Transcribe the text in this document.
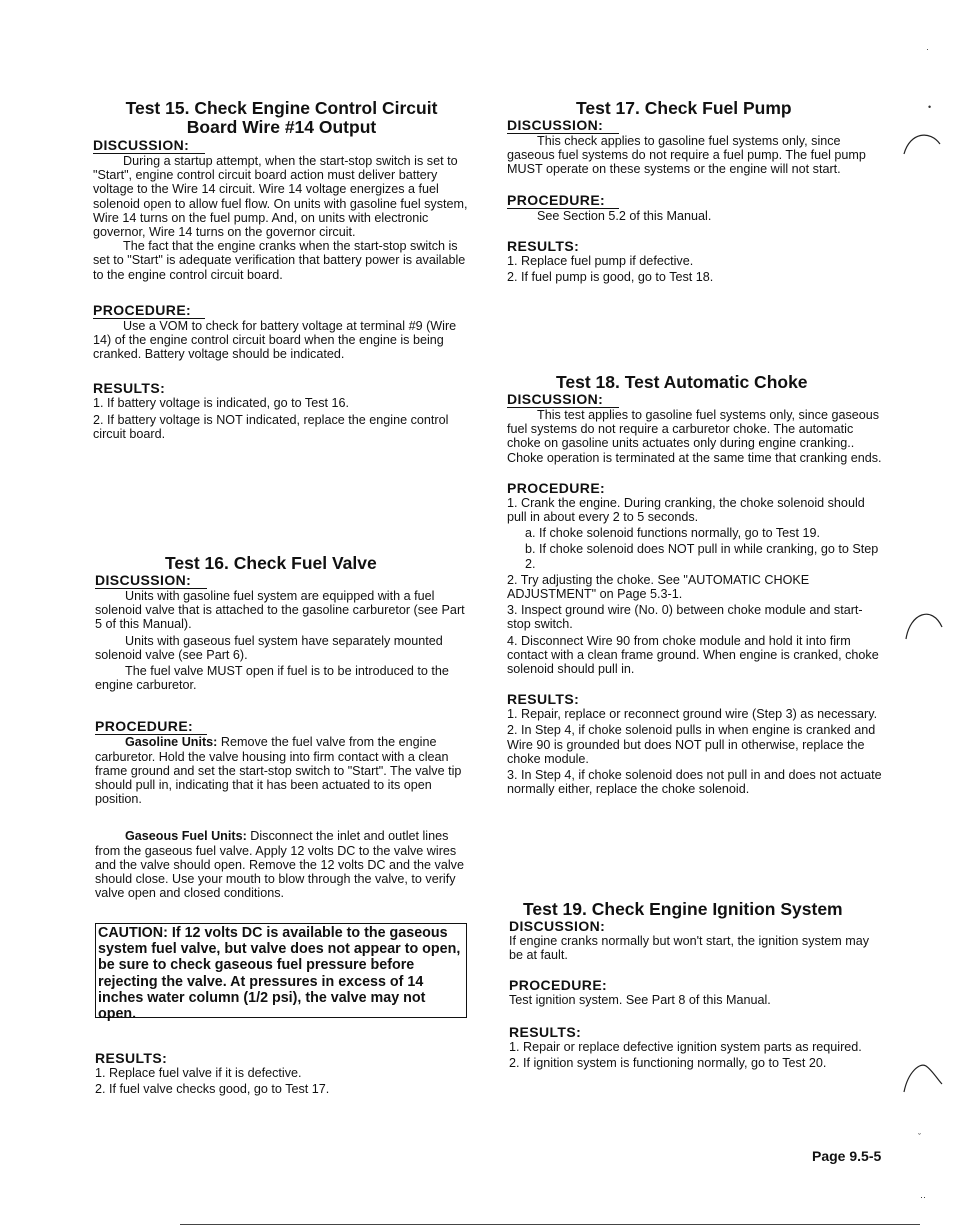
Test 15. Check Engine Control Circuit Board Wire #14 Output
DISCUSSION:

During a startup attempt, when the start-stop switch is set to "Start", engine control circuit board action must deliver battery voltage to the Wire 14 circuit. Wire 14 voltage energizes a fuel solenoid open to allow fuel flow. On units with gasoline fuel system, Wire 14 turns on the fuel pump. And, on units with electronic governor, Wire 14 turns on the governor circuit.

The fact that the engine cranks when the start-stop switch is set to "Start" is adequate verification that battery power is available to the engine control circuit board.

PROCEDURE:

Use a VOM to check for battery voltage at terminal #9 (Wire 14) of the engine control circuit board when the engine is being cranked. Battery voltage should be indicated.

RESULTS:

1. If battery voltage is indicated, go to Test 16.

2. If battery voltage is NOT indicated, replace the engine control circuit board.

Test 16. Check Fuel Valve
DISCUSSION:

Units with gasoline fuel system are equipped with a fuel solenoid valve that is attached to the gasoline carburetor (see Part 5 of this Manual).

Units with gaseous fuel system have separately mounted solenoid valve (see Part 6).

The fuel valve MUST open if fuel is to be introduced to the engine carburetor.

PROCEDURE:

Gasoline Units: Remove the fuel valve from the engine carburetor. Hold the valve housing into firm contact with a clean frame ground and set the start-stop switch to "Start". The valve tip should pull in, indicating that it has been actuated to its open position.

Gaseous Fuel Units: Disconnect the inlet and outlet lines from the gaseous fuel valve. Apply 12 volts DC to the valve wires and the valve should open. Remove the 12 volts DC and the valve should close. Use your mouth to blow through the valve, to verify valve open and closed conditions.

CAUTION: If 12 volts DC is available to the gaseous system fuel valve, but valve does not appear to open, be sure to check gaseous fuel pressure before rejecting the valve. At pressures in excess of 14 inches water column (1/2 psi), the valve may not open.
RESULTS:

1. Replace fuel valve if it is defective.

2. If fuel valve checks good, go to Test 17.

Test 17. Check Fuel Pump
DISCUSSION:

This check applies to gasoline fuel systems only, since gaseous fuel systems do not require a fuel pump. The fuel pump MUST operate on these systems or the engine will not start.

PROCEDURE:

See Section 5.2 of this Manual.

RESULTS:

1. Replace fuel pump if defective.

2. If fuel pump is good, go to Test 18.

Test 18. Test Automatic Choke
DISCUSSION:

This test applies to gasoline fuel systems only, since gaseous fuel systems do not require a carburetor choke. The automatic choke on gasoline units actuates only during engine cranking.. Choke operation is terminated at the same time that cranking ends.

PROCEDURE:

1. Crank the engine. During cranking, the choke solenoid should pull in about every 2 to 5 seconds.

a. If choke solenoid functions normally, go to Test 19.

b. If choke solenoid does NOT pull in while cranking, go to Step 2.

2. Try adjusting the choke. See "AUTOMATIC CHOKE ADJUSTMENT" on Page 5.3-1.

3. Inspect ground wire (No. 0) between choke module and start-stop switch.

4. Disconnect Wire 90 from choke module and hold it into firm contact with a clean frame ground. When engine is cranked, choke solenoid should pull in.

RESULTS:

1. Repair, replace or reconnect ground wire (Step 3) as necessary.

2. In Step 4, if choke solenoid pulls in when engine is cranked and Wire 90 is grounded but does NOT pull in otherwise, replace the choke module.

3. In Step 4, if choke solenoid does not pull in and does not actuate normally either, replace the choke solenoid.

Test 19. Check Engine Ignition System
DISCUSSION:

If engine cranks normally but won't start, the ignition system may be at fault.

PROCEDURE:

Test ignition system. See Part 8 of this Manual.

RESULTS:

1. Repair or replace defective ignition system parts as required.

2. If ignition system is functioning normally, go to Test 20.

Page 9.5-5
·
•
ˇ
‥
